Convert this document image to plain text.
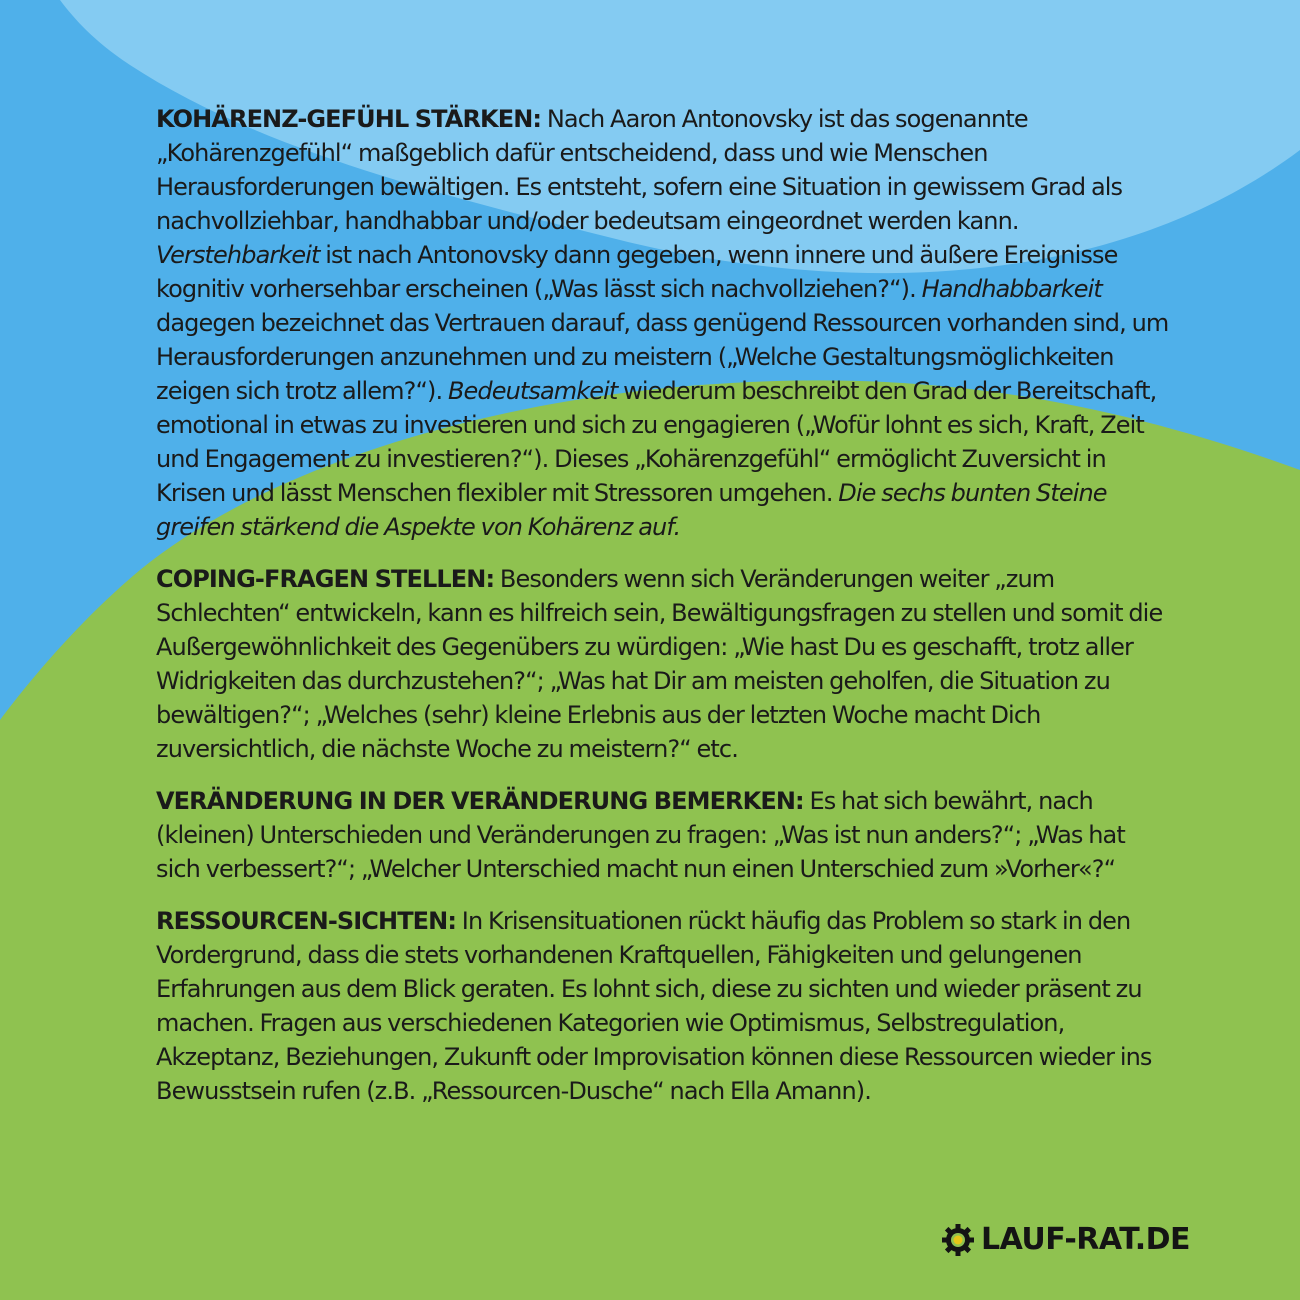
KOHÄRENZ-GEFÜHL STÄRKEN: Nach Aaron Antonovsky ist das sogenannte „Kohärenzgefühl“ maßgeblich dafür entscheidend, dass und wie Menschen Herausforderungen bewältigen. Es entsteht, sofern eine Situation in gewissem Grad als nachvollziehbar, handhabbar und/oder bedeutsam eingeordnet werden kann. Verstehbarkeit ist nach Antonovsky dann gegeben, wenn innere und äußere Ereignisse kognitiv vorhersehbar erscheinen („Was lässt sich nachvollziehen?“). Handhabbarkeit dagegen bezeichnet das Vertrauen darauf, dass genügend Ressourcen vorhanden sind, um Herausforderungen anzunehmen und zu meistern („Welche Gestaltungsmöglichkeiten zeigen sich trotz allem?“). Bedeutsamkeit wiederum beschreibt den Grad der Bereitschaft, emotional in etwas zu investieren und sich zu engagieren („Wofür lohnt es sich, Kraft, Zeit und Engagement zu investieren?“). Dieses „Kohärenzgefühl“ ermöglicht Zuversicht in Krisen und lässt Menschen flexibler mit Stressoren umgehen. Die sechs bunten Steine greifen stärkend die Aspekte von Kohärenz auf.

COPING-FRAGEN STELLEN: Besonders wenn sich Veränderungen weiter „zum Schlechten“ entwickeln, kann es hilfreich sein, Bewältigungsfragen zu stellen und somit die Außergewöhnlichkeit des Gegenübers zu würdigen: „Wie hast Du es geschafft, trotz aller Widrigkeiten das durchzustehen?“; „Was hat Dir am meisten geholfen, die Situation zu bewältigen?“; „Welches (sehr) kleine Erlebnis aus der letzten Woche macht Dich zuversichtlich, die nächste Woche zu meistern?“ etc.

VERÄNDERUNG IN DER VERÄNDERUNG BEMERKEN: Es hat sich bewährt, nach (kleinen) Unterschieden und Veränderungen zu fragen: „Was ist nun anders?“; „Was hat sich verbessert?“; „Welcher Unterschied macht nun einen Unterschied zum »Vorher«?“

RESSOURCEN-SICHTEN: In Krisensituationen rückt häufig das Problem so stark in den Vordergrund, dass die stets vorhandenen Kraftquellen, Fähigkeiten und gelungenen Erfahrungen aus dem Blick geraten. Es lohnt sich, diese zu sichten und wieder präsent zu machen. Fragen aus verschiedenen Kategorien wie Optimismus, Selbstregulation, Akzeptanz, Beziehungen, Zukunft oder Improvisation können diese Ressourcen wieder ins Bewusstsein rufen (z.B. „Ressourcen-Dusche“ nach Ella Amann).

LAUF-RAT.DE
